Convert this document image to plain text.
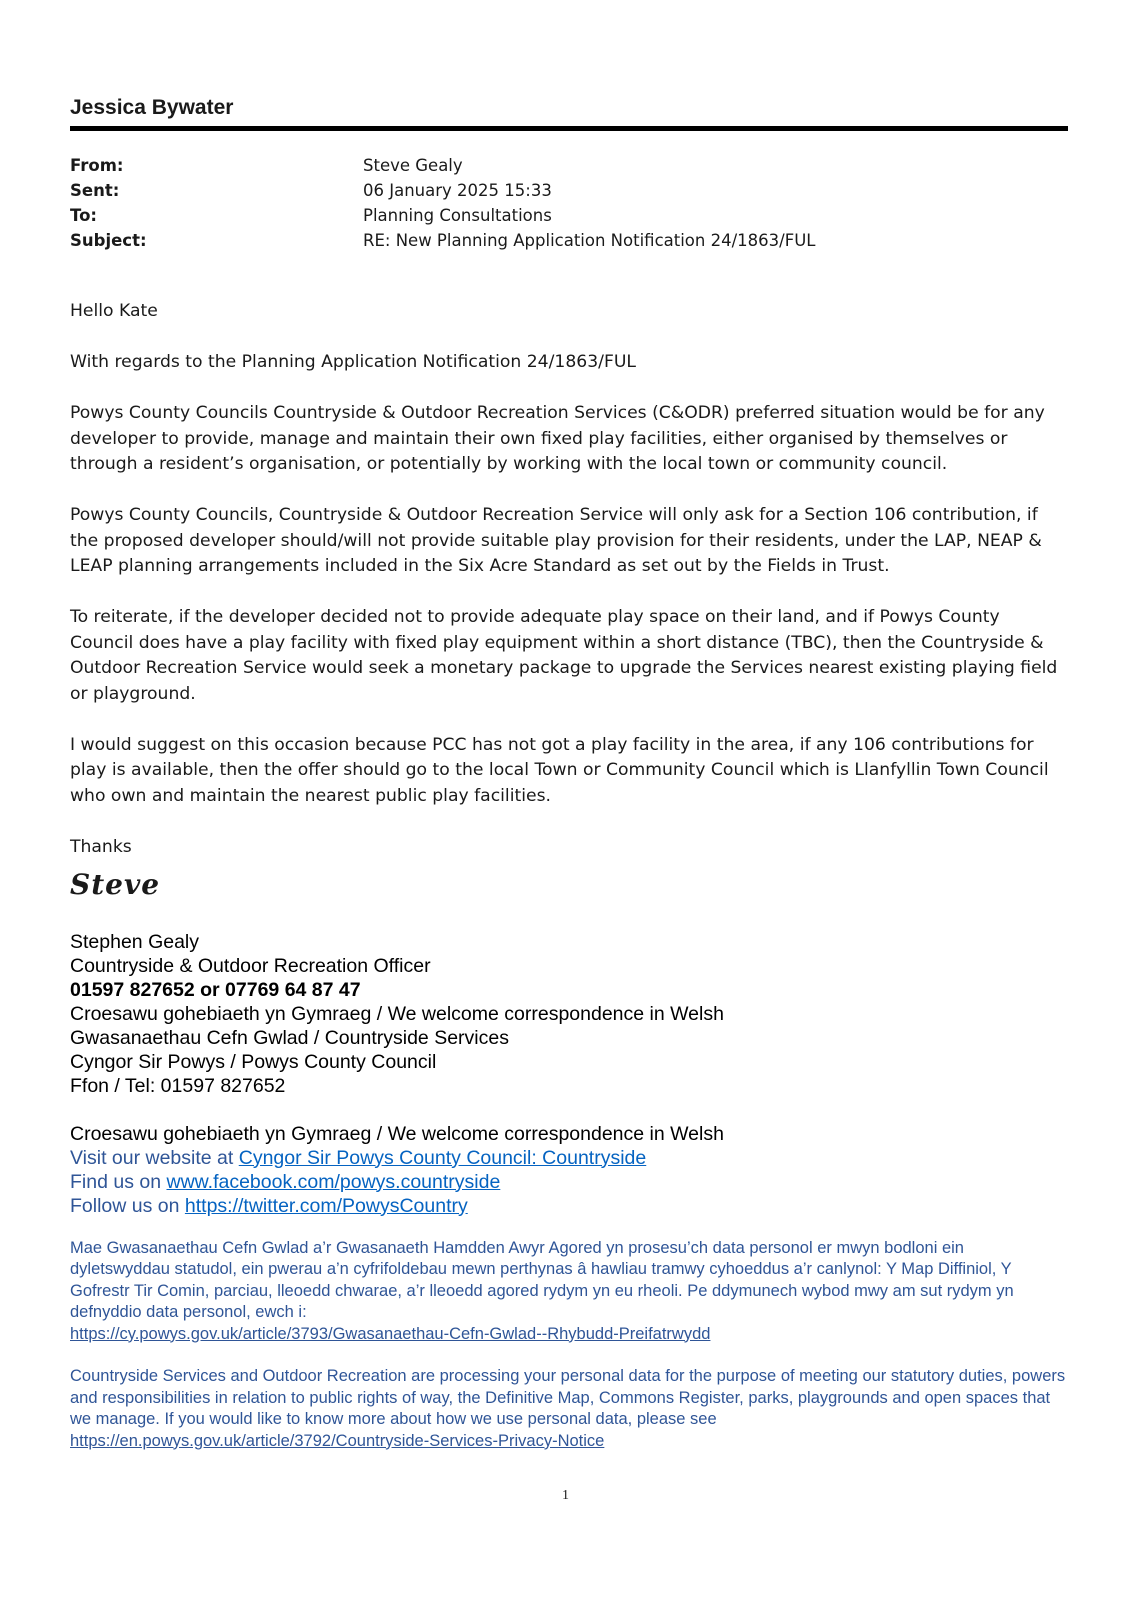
Jessica Bywater
From:	Steve Gealy
Sent:	06 January 2025 15:33
To:	Planning Consultations
Subject:	RE: New Planning Application Notification 24/1863/FUL

Hello Kate

With regards to the Planning Application Notification 24/1863/FUL

Powys County Councils Countryside & Outdoor Recreation Services (C&ODR) preferred situation would be for any developer to provide, manage and maintain their own fixed play facilities, either organised by themselves or through a resident’s organisation, or potentially by working with the local town or community council.

Powys County Councils, Countryside & Outdoor Recreation Service will only ask for a Section 106 contribution, if the proposed developer should/will not provide suitable play provision for their residents, under the LAP, NEAP & LEAP planning arrangements included in the Six Acre Standard as set out by the Fields in Trust.

To reiterate, if the developer decided not to provide adequate play space on their land, and if Powys County Council does have a play facility with fixed play equipment within a short distance (TBC), then the Countryside & Outdoor Recreation Service would seek a monetary package to upgrade the Services nearest existing playing field or playground.

I would suggest on this occasion because PCC has not got a play facility in the area, if any 106 contributions for play is available, then the offer should go to the local Town or Community Council which is Llanfyllin Town Council who own and maintain the nearest public play facilities.

Thanks

Steve
Stephen Gealy
Countryside & Outdoor Recreation Officer
01597 827652 or 07769 64 87 47
Croesawu gohebiaeth yn Gymraeg / We welcome correspondence in Welsh
Gwasanaethau Cefn Gwlad / Countryside Services
Cyngor Sir Powys / Powys County Council
Ffon / Tel: 01597 827652
Croesawu gohebiaeth yn Gymraeg / We welcome correspondence in Welsh
Visit our website at Cyngor Sir Powys County Council: Countryside
Find us on www.facebook.com/powys.countryside
Follow us on https://twitter.com/PowysCountry

Mae Gwasanaethau Cefn Gwlad a’r Gwasanaeth Hamdden Awyr Agored yn prosesu’ch data personol er mwyn bodloni ein dyletswyddau statudol, ein pwerau a’n cyfrifoldebau mewn perthynas â hawliau tramwy cyhoeddus a’r canlynol: Y Map Diffiniol, Y Gofrestr Tir Comin, parciau, lleoedd chwarae, a’r lleoedd agored rydym yn eu rheoli. Pe ddymunech wybod mwy am sut rydym yn defnyddio data personol, ewch i:
https://cy.powys.gov.uk/article/3793/Gwasanaethau-Cefn-Gwlad--Rhybudd-Preifatrwydd

Countryside Services and Outdoor Recreation are processing your personal data for the purpose of meeting our statutory duties, powers and responsibilities in relation to public rights of way, the Definitive Map, Commons Register, parks, playgrounds and open spaces that we manage. If you would like to know more about how we use personal data, please see https://en.powys.gov.uk/article/3792/Countryside-Services-Privacy-Notice

1
